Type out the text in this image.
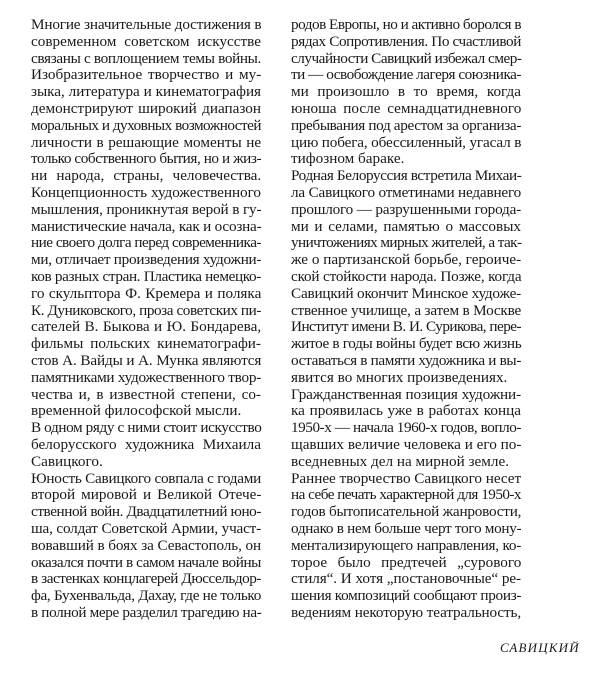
Многие значительные достижения в
современном советском искусстве
связаны с воплощением темы войны.
Изобразительное творчество и му-
зыка, литература и кинематография
демонстрируют широкий диапазон
моральных и духовных возможностей
личности в решающие моменты не
только собственного бытия, но и жиз-
ни народа, страны, человечества.
Концепционность художественного
мышления, проникнутая верой в гу-
манистические начала, как и осозна-
ние своего долга перед современника-
ми, отличает произведения художни-
ков разных стран. Пластика немецко-
го скульптора Ф. Кремера и поляка
К. Дуниковского, проза советских пи-
сателей В. Быкова и Ю. Бондарева,
фильмы польских кинематографи-
стов А. Вайды и А. Мунка являются
памятниками художественного твор-
чества и, в известной степени, со-
временной философской мысли.
В одном ряду с ними стоит искусство
белорусского художника Михаила
Савицкого.
Юность Савицкого совпала с годами
второй мировой и Великой Отече-
ственной войн. Двадцатилетний юно-
ша, солдат Советской Армии, участ-
вовавший в боях за Севастополь, он
оказался почти в самом начале войны
в застенках концлагерей Дюссельдор-
фа, Бухенвальда, Дахау, где не только
в полной мере разделил трагедию на-
родов Европы, но и активно боролся в
рядах Сопротивления. По счастливой
случайности Савицкий избежал смер-
ти — освобождение лагеря союзника-
ми произошло в то время, когда
юноша после семнадцатидневного
пребывания под арестом за организа-
цию побега, обессиленный, угасал в
тифозном бараке.
Родная Белоруссия встретила Михаи-
ла Савицкого отметинами недавнего
прошлого — разрушенными города-
ми и селами, памятью о массовых
уничтожениях мирных жителей, а так-
же о партизанской борьбе, героиче-
ской стойкости народа. Позже, когда
Савицкий окончит Минское художе-
ственное училище, а затем в Москве
Институт имени В. И. Сурикова, пере-
житое в годы войны будет всю жизнь
оставаться в памяти художника и вы-
явится во многих произведениях.
Гражданственная позиция художни-
ка проявилась уже в работах конца
1950-х — начала 1960-х годов, вопло-
щавших величие человека и его по-
вседневных дел на мирной земле.
Раннее творчество Савицкого несет
на себе печать характерной для 1950-х
годов бытописательной жанровости,
однако в нем больше черт того мону-
ментализирующего направления, ко-
торое было предтечей „сурового
стиля“. И хотя „постановочные“ ре-
шения композиций сообщают произ-
ведениям некоторую театральность,
САВИЦКИЙ
